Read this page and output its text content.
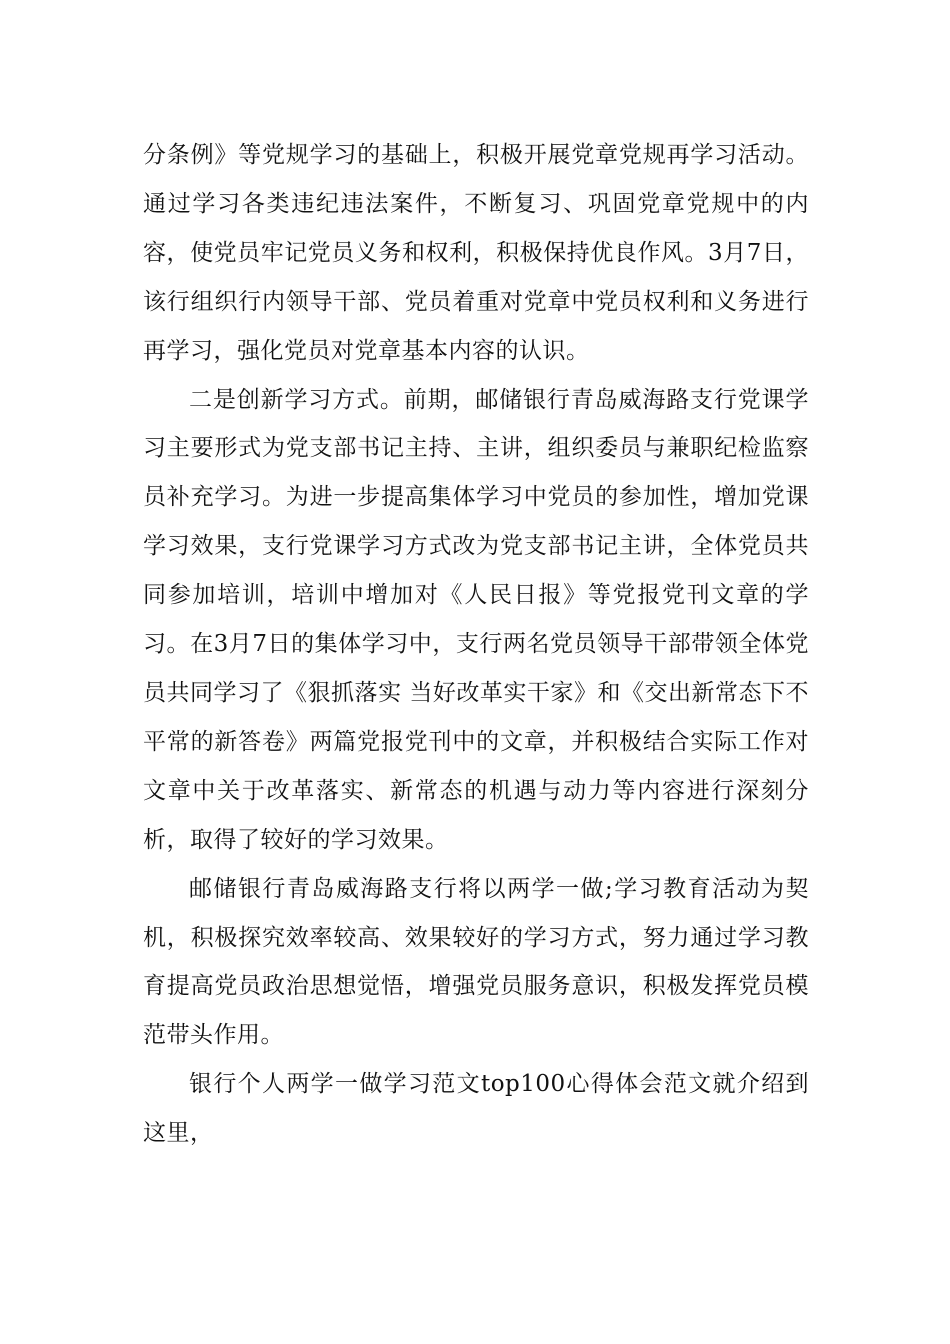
分条例》等党规学习的基础上，积极开展党章党规再学习活动。通过学习各类违纪违法案件，不断复习、巩固党章党规中的内容，使党员牢记党员义务和权利，积极保持优良作风。3月7日，该行组织行内领导干部、党员着重对党章中党员权利和义务进行再学习，强化党员对党章基本内容的认识。

二是创新学习方式。前期，邮储银行青岛威海路支行党课学习主要形式为党支部书记主持、主讲，组织委员与兼职纪检监察员补充学习。为进一步提高集体学习中党员的参加性，增加党课学习效果，支行党课学习方式改为党支部书记主讲，全体党员共同参加培训，培训中增加对《人民日报》等党报党刊文章的学习。在3月7日的集体学习中，支行两名党员领导干部带领全体党员共同学习了《狠抓落实 当好改革实干家》和《交出新常态下不平常的新答卷》两篇党报党刊中的文章，并积极结合实际工作对文章中关于改革落实、新常态的机遇与动力等内容进行深刻分析，取得了较好的学习效果。

邮储银行青岛威海路支行将以两学一做;学习教育活动为契机，积极探究效率较高、效果较好的学习方式，努力通过学习教育提高党员政治思想觉悟，增强党员服务意识，积极发挥党员模范带头作用。

银行个人两学一做学习范文top100心得体会范文就介绍到这里，
